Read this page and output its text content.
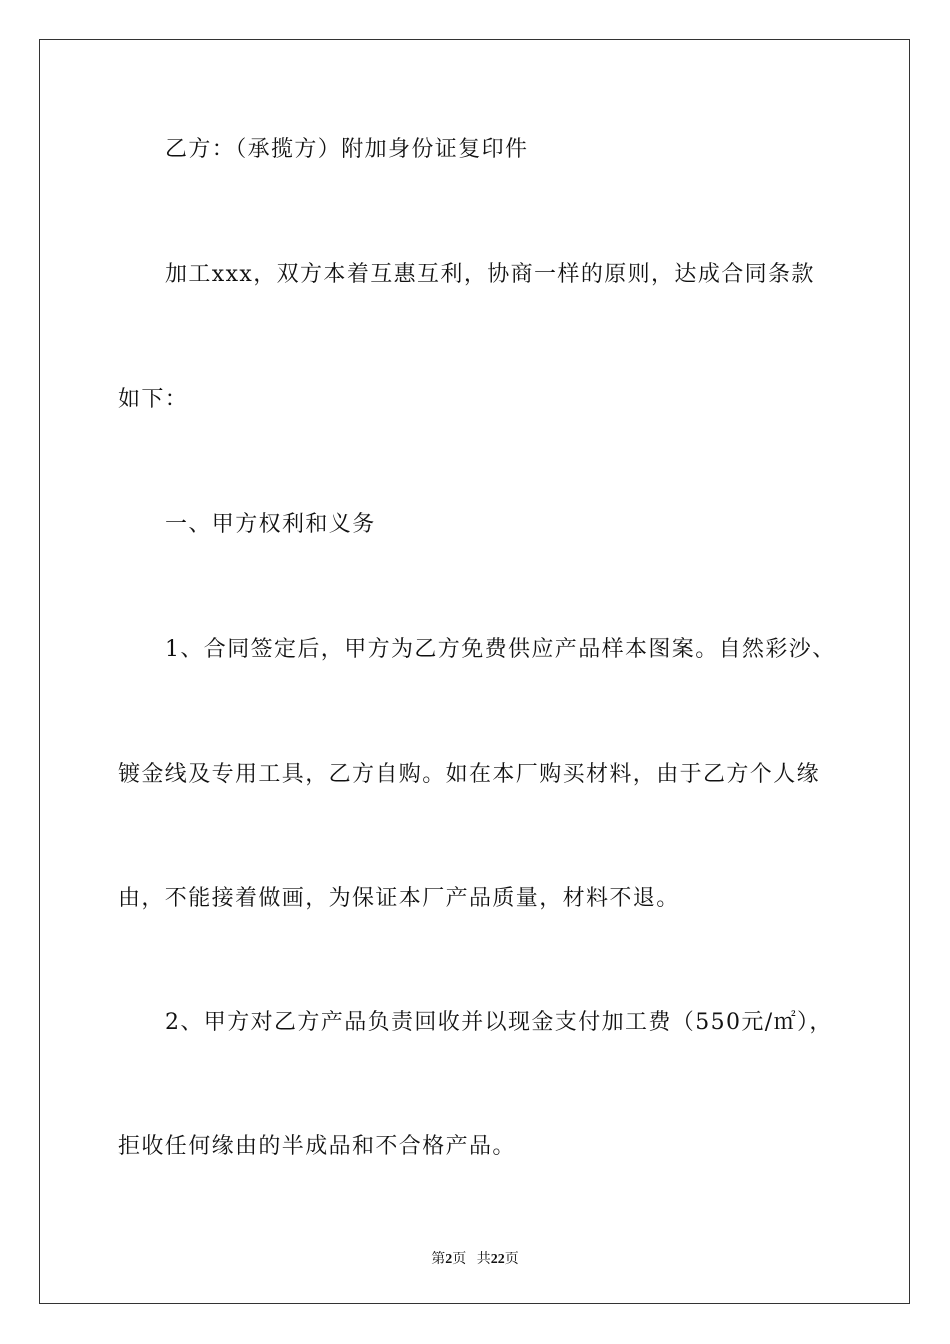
乙方：（承揽方）附加身份证复印件
加工xxx，双方本着互惠互利，协商一样的原则，达成合同条款
如下：
一、甲方权利和义务
1、合同签定后，甲方为乙方免费供应产品样本图案。自然彩沙、
镀金线及专用工具，乙方自购。如在本厂购买材料，由于乙方个人缘
由，不能接着做画，为保证本厂产品质量，材料不退。
2、甲方对乙方产品负责回收并以现金支付加工费（550元/㎡），
拒收任何缘由的半成品和不合格产品。
第2页 共22页
